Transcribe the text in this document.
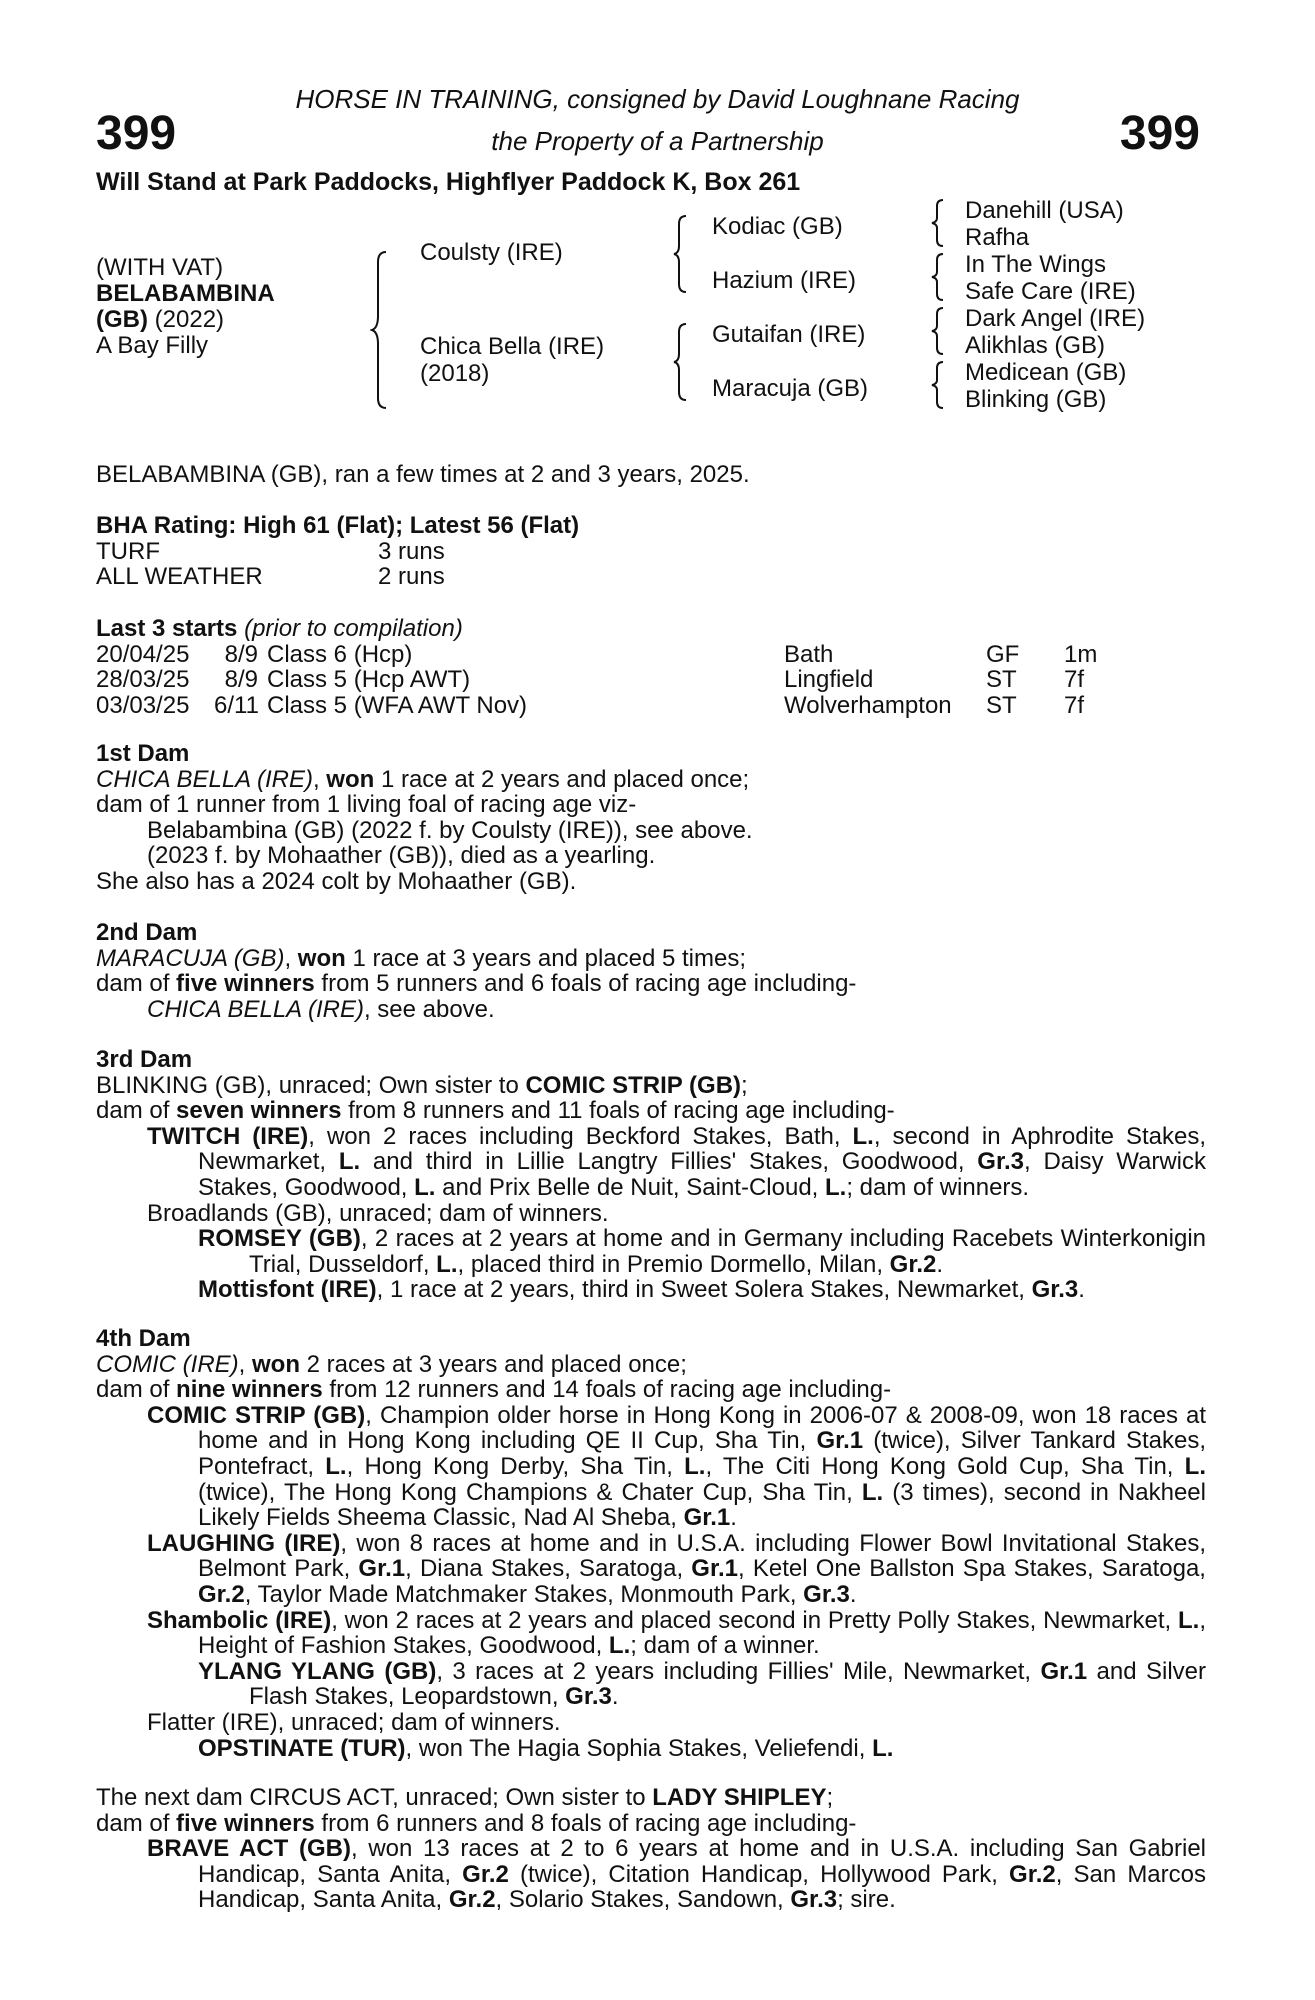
399	399
HORSE IN TRAINING, consigned by David Loughnane Racing
the Property of a Partnership
Will Stand at Park Paddocks, Highflyer Paddock K, Box 261
(WITH VAT)
BELABAMBINA
(GB) (2022)
A Bay Filly
Coulsty (IRE)
Chica Bella (IRE)
(2018)
Kodiac (GB)
Hazium (IRE)
Gutaifan (IRE)
Maracuja (GB)
Danehill (USA)
Rafha
In The Wings
Safe Care (IRE)
Dark Angel (IRE)
Alikhlas (GB)
Medicean (GB)
Blinking (GB)
BELABAMBINA (GB), ran a few times at 2 and 3 years, 2025.
BHA Rating: High 61 (Flat); Latest 56 (Flat)
TURF	3 runs
ALL WEATHER	2 runs
Last 3 starts (prior to compilation)
20/04/25	8/9 Class 6 (Hcp)	Bath	GF	1m
28/03/25	8/9 Class 5 (Hcp AWT)	Lingfield	ST	7f
03/03/25	6/11 Class 5 (WFA AWT Nov)	Wolverhampton	ST	7f
1st Dam
CHICA BELLA (IRE), won 1 race at 2 years and placed once;
dam of 1 runner from 1 living foal of racing age viz-
Belabambina (GB) (2022 f. by Coulsty (IRE)), see above.
(2023 f. by Mohaather (GB)), died as a yearling.
She also has a 2024 colt by Mohaather (GB).
2nd Dam
MARACUJA (GB), won 1 race at 3 years and placed 5 times;
dam of five winners from 5 runners and 6 foals of racing age including-
CHICA BELLA (IRE), see above.
3rd Dam
BLINKING (GB), unraced; Own sister to COMIC STRIP (GB);
dam of seven winners from 8 runners and 11 foals of racing age including-
TWITCH (IRE), won 2 races including Beckford Stakes, Bath, L., second in Aphrodite Stakes, Newmarket, L. and third in Lillie Langtry Fillies' Stakes, Goodwood, Gr.3, Daisy Warwick Stakes, Goodwood, L. and Prix Belle de Nuit, Saint-Cloud, L.; dam of winners.
Broadlands (GB), unraced; dam of winners.
ROMSEY (GB), 2 races at 2 years at home and in Germany including Racebets Winterkonigin Trial, Dusseldorf, L., placed third in Premio Dormello, Milan, Gr.2.
Mottisfont (IRE), 1 race at 2 years, third in Sweet Solera Stakes, Newmarket, Gr.3.
4th Dam
COMIC (IRE), won 2 races at 3 years and placed once;
dam of nine winners from 12 runners and 14 foals of racing age including-
COMIC STRIP (GB), Champion older horse in Hong Kong in 2006-07 & 2008-09, won 18 races at home and in Hong Kong including QE II Cup, Sha Tin, Gr.1 (twice), Silver Tankard Stakes, Pontefract, L., Hong Kong Derby, Sha Tin, L., The Citi Hong Kong Gold Cup, Sha Tin, L. (twice), The Hong Kong Champions & Chater Cup, Sha Tin, L. (3 times), second in Nakheel Likely Fields Sheema Classic, Nad Al Sheba, Gr.1.
LAUGHING (IRE), won 8 races at home and in U.S.A. including Flower Bowl Invitational Stakes, Belmont Park, Gr.1, Diana Stakes, Saratoga, Gr.1, Ketel One Ballston Spa Stakes, Saratoga, Gr.2, Taylor Made Matchmaker Stakes, Monmouth Park, Gr.3.
Shambolic (IRE), won 2 races at 2 years and placed second in Pretty Polly Stakes, Newmarket, L., Height of Fashion Stakes, Goodwood, L.; dam of a winner.
YLANG YLANG (GB), 3 races at 2 years including Fillies' Mile, Newmarket, Gr.1 and Silver Flash Stakes, Leopardstown, Gr.3.
Flatter (IRE), unraced; dam of winners.
OPSTINATE (TUR), won The Hagia Sophia Stakes, Veliefendi, L.
The next dam CIRCUS ACT, unraced; Own sister to LADY SHIPLEY;
dam of five winners from 6 runners and 8 foals of racing age including-
BRAVE ACT (GB), won 13 races at 2 to 6 years at home and in U.S.A. including San Gabriel Handicap, Santa Anita, Gr.2 (twice), Citation Handicap, Hollywood Park, Gr.2, San Marcos Handicap, Santa Anita, Gr.2, Solario Stakes, Sandown, Gr.3; sire.
